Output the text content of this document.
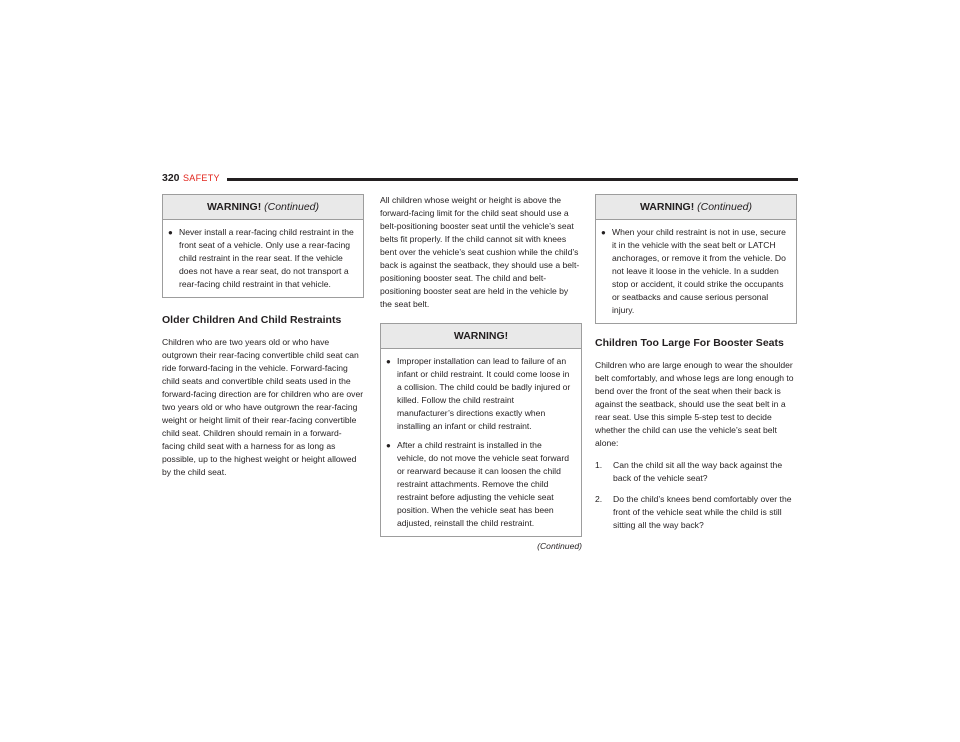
320 SAFETY
WARNING! (Continued)
● Never install a rear-facing child restraint in the front seat of a vehicle. Only use a rear-facing child restraint in the rear seat. If the vehicle does not have a rear seat, do not transport a rear-facing child restraint in that vehicle.
Older Children And Child Restraints

Children who are two years old or who have outgrown their rear-facing convertible child seat can ride forward-facing in the vehicle. Forward-facing child seats and convertible child seats used in the forward-facing direction are for children who are over two years old or who have outgrown the rear-facing weight or height limit of their rear-facing convertible child seat. Children should remain in a forward-facing child seat with a harness for as long as possible, up to the highest weight or height allowed by the child seat.

All children whose weight or height is above the forward-facing limit for the child seat should use a belt-positioning booster seat until the vehicle’s seat belts fit properly. If the child cannot sit with knees bent over the vehicle’s seat cushion while the child’s back is against the seatback, they should use a belt-positioning booster seat. The child and belt-positioning booster seat are held in the vehicle by the seat belt.

WARNING!
● Improper installation can lead to failure of an infant or child restraint. It could come loose in a collision. The child could be badly injured or killed. Follow the child restraint manufacturer’s directions exactly when installing an infant or child restraint.
● After a child restraint is installed in the vehicle, do not move the vehicle seat forward or rearward because it can loosen the child restraint attachments. Remove the child restraint before adjusting the vehicle seat position. When the vehicle seat has been adjusted, reinstall the child restraint.
(Continued)
WARNING! (Continued)
● When your child restraint is not in use, secure it in the vehicle with the seat belt or LATCH anchorages, or remove it from the vehicle. Do not leave it loose in the vehicle. In a sudden stop or accident, it could strike the occupants or seatbacks and cause serious personal injury.
Children Too Large For Booster Seats

Children who are large enough to wear the shoulder belt comfortably, and whose legs are long enough to bend over the front of the seat when their back is against the seatback, should use the seat belt in a rear seat. Use this simple 5-step test to decide whether the child can use the vehicle’s seat belt alone:

1. Can the child sit all the way back against the back of the vehicle seat?
2. Do the child’s knees bend comfortably over the front of the vehicle seat while the child is still sitting all the way back?
